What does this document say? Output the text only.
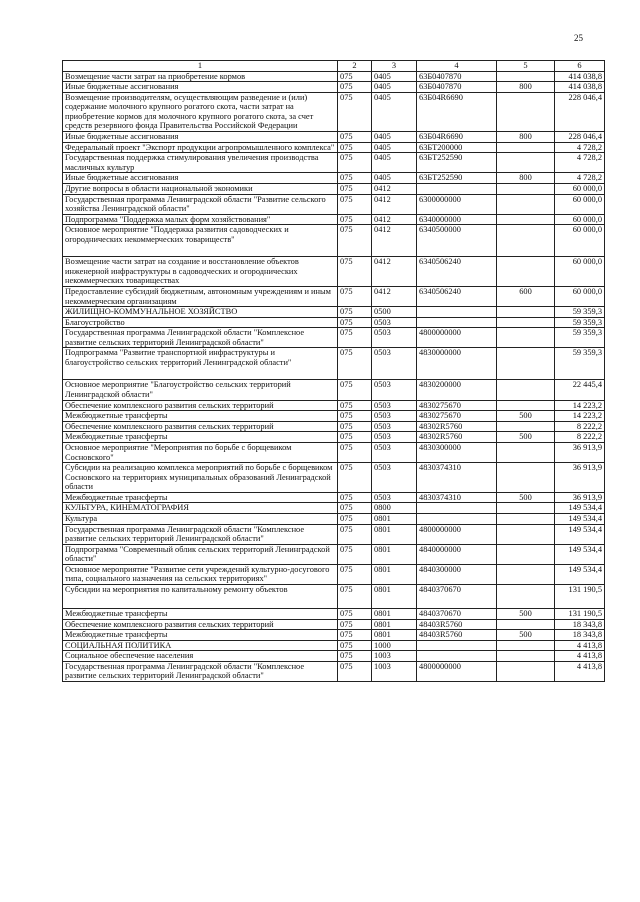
25
1	2	3	4	5	6
Возмещение части затрат на приобретение кормов	075	0405	63Б0407870		414 038,8
Иные бюджетные ассигнования	075	0405	63Б0407870	800	414 038,8
Возмещение производителям, осуществляющим разведение и (или) содержание молочного крупного рогатого скота, части затрат на приобретение кормов для молочного крупного рогатого скота, за счет средств резервного фонда Правительства Российской Федерации	075	0405	63Б04R6690		228 046,4
Иные бюджетные ассигнования	075	0405	63Б04R6690	800	228 046,4
Федеральный проект "Экспорт продукции агропромышленного комплекса"	075	0405	63БТ200000		4 728,2
Государственная поддержка стимулирования увеличения производства масличных культур	075	0405	63БТ252590		4 728,2
Иные бюджетные ассигнования	075	0405	63БТ252590	800	4 728,2
Другие вопросы в области национальной экономики	075	0412			60 000,0
Государственная программа Ленинградской области "Развитие сельского хозяйства Ленинградской области"	075	0412	6300000000		60 000,0
Подпрограмма "Поддержка малых форм хозяйствования"	075	0412	6340000000		60 000,0
Основное мероприятие "Поддержка развития садоводческих и огороднических некоммерческих товариществ"	075	0412	6340500000		60 000,0
Возмещение части затрат на создание и восстановление объектов инженерной инфраструктуры в садоводческих и огороднических некоммерческих товариществах	075	0412	6340506240		60 000,0
Предоставление субсидий бюджетным, автономным учреждениям и иным некоммерческим организациям	075	0412	6340506240	600	60 000,0
ЖИЛИЩНО-КОММУНАЛЬНОЕ ХОЗЯЙСТВО	075	0500			59 359,3
Благоустройство	075	0503			59 359,3
Государственная программа Ленинградской области "Комплексное развитие сельских территорий Ленинградской области"	075	0503	4800000000		59 359,3
Подпрограмма "Развитие транспортной инфраструктуры и благоустройство сельских территорий Ленинградской области"	075	0503	4830000000		59 359,3
Основное мероприятие "Благоустройство сельских территорий Ленинградской области"	075	0503	4830200000		22 445,4
Обеспечение комплексного развития сельских территорий	075	0503	4830275670		14 223,2
Межбюджетные трансферты	075	0503	4830275670	500	14 223,2
Обеспечение комплексного развития сельских территорий	075	0503	48302R5760		8 222,2
Межбюджетные трансферты	075	0503	48302R5760	500	8 222,2
Основное мероприятие "Мероприятия по борьбе с борщевиком Сосновского"	075	0503	4830300000		36 913,9
Субсидии на реализацию комплекса мероприятий по борьбе с борщевиком Сосновского на территориях муниципальных образований Ленинградской области	075	0503	4830374310		36 913,9
Межбюджетные трансферты	075	0503	4830374310	500	36 913,9
КУЛЬТУРА, КИНЕМАТОГРАФИЯ	075	0800			149 534,4
Культура	075	0801			149 534,4
Государственная программа Ленинградской области "Комплексное развитие сельских территорий Ленинградской области"	075	0801	4800000000		149 534,4
Подпрограмма "Современный облик сельских территорий Ленинградской области"	075	0801	4840000000		149 534,4
Основное мероприятие "Развитие сети учреждений культурно-досугового типа, социального назначения на сельских территориях"	075	0801	4840300000		149 534,4
Субсидии на мероприятия по капитальному ремонту объектов	075	0801	4840370670		131 190,5
Межбюджетные трансферты	075	0801	4840370670	500	131 190,5
Обеспечение комплексного развития сельских территорий	075	0801	48403R5760		18 343,8
Межбюджетные трансферты	075	0801	48403R5760	500	18 343,8
СОЦИАЛЬНАЯ ПОЛИТИКА	075	1000			4 413,8
Социальное обеспечение населения	075	1003			4 413,8
Государственная программа Ленинградской области "Комплексное развитие сельских территорий Ленинградской области"	075	1003	4800000000		4 413,8
